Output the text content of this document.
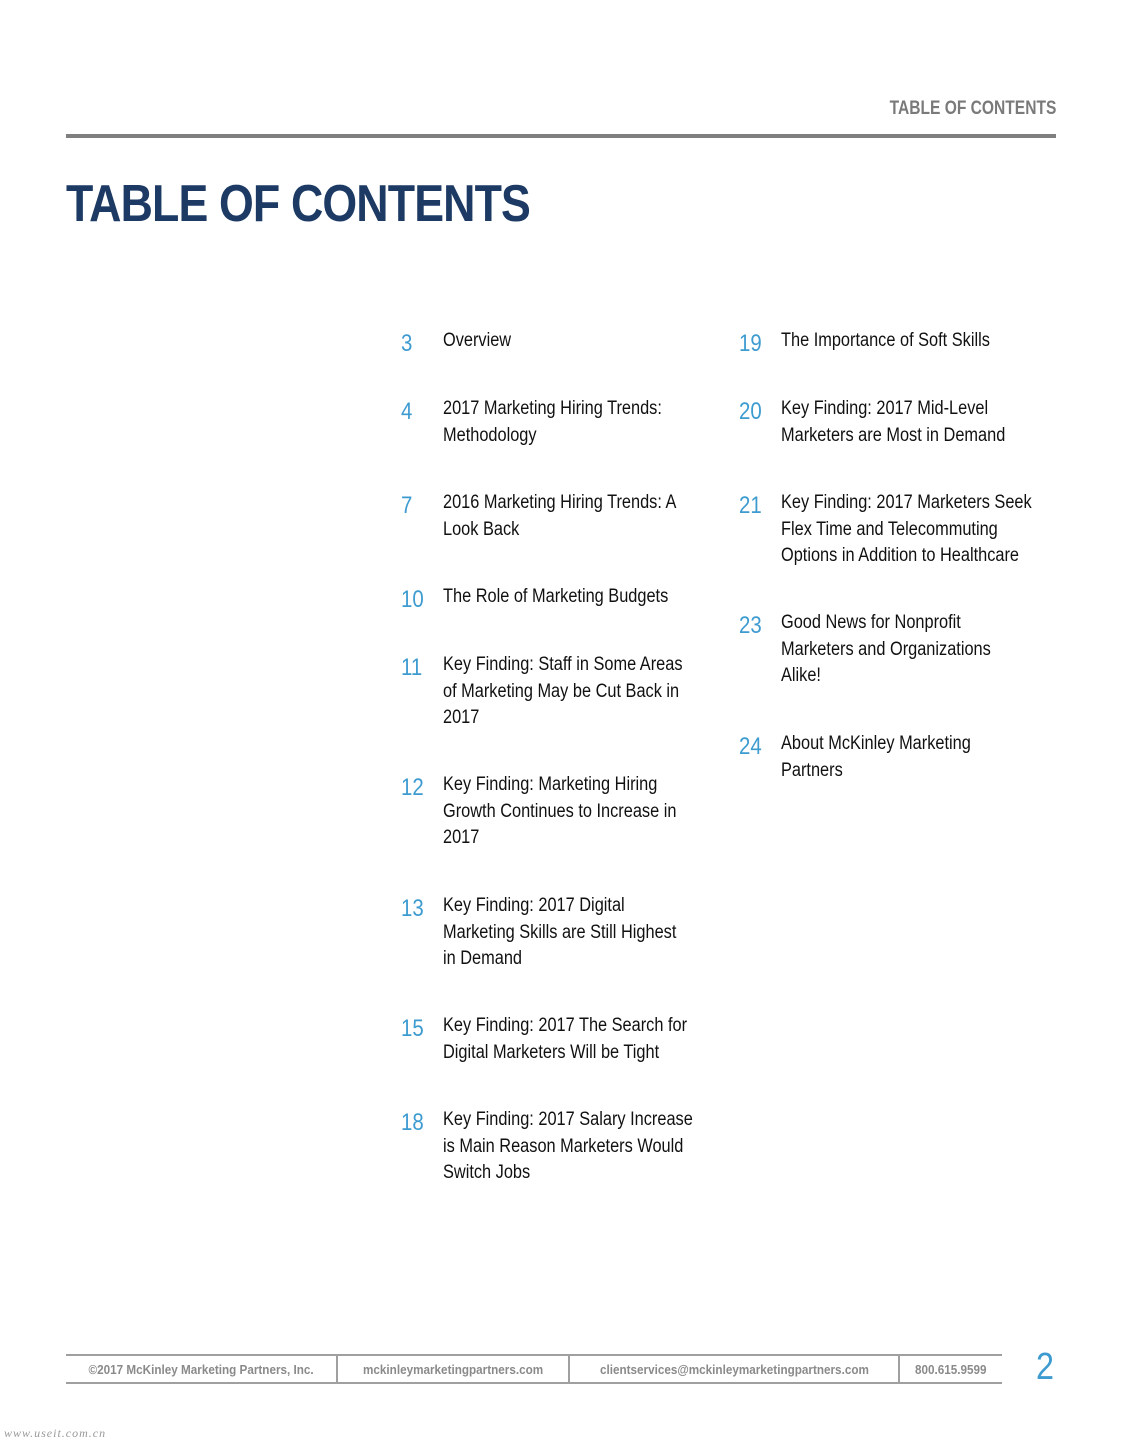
TABLE OF CONTENTS
TABLE OF CONTENTS
3	Overview
4	2017 Marketing Hiring Trends:
Methodology
7	2016 Marketing Hiring Trends: A
Look Back
10	The Role of Marketing Budgets
11	Key Finding: Staff in Some Areas
of Marketing May be Cut Back in
2017
12	Key Finding: Marketing Hiring
Growth Continues to Increase in
2017
13	Key Finding: 2017 Digital
Marketing Skills are Still Highest
in Demand
15	Key Finding: 2017 The Search for
Digital Marketers Will be Tight
18	Key Finding: 2017 Salary Increase
is Main Reason Marketers Would
Switch Jobs
19	The Importance of Soft Skills
20	Key Finding: 2017 Mid-Level
Marketers are Most in Demand
21	Key Finding: 2017 Marketers Seek
Flex Time and Telecommuting
Options in Addition to Healthcare
23	Good News for Nonprofit
Marketers and Organizations
Alike!
24	About McKinley Marketing
Partners
©2017 McKinley Marketing Partners, Inc.	mckinleymarketingpartners.com	clientservices@mckinleymarketingpartners.com	800.615.9599 2
www.useit.com.cn
